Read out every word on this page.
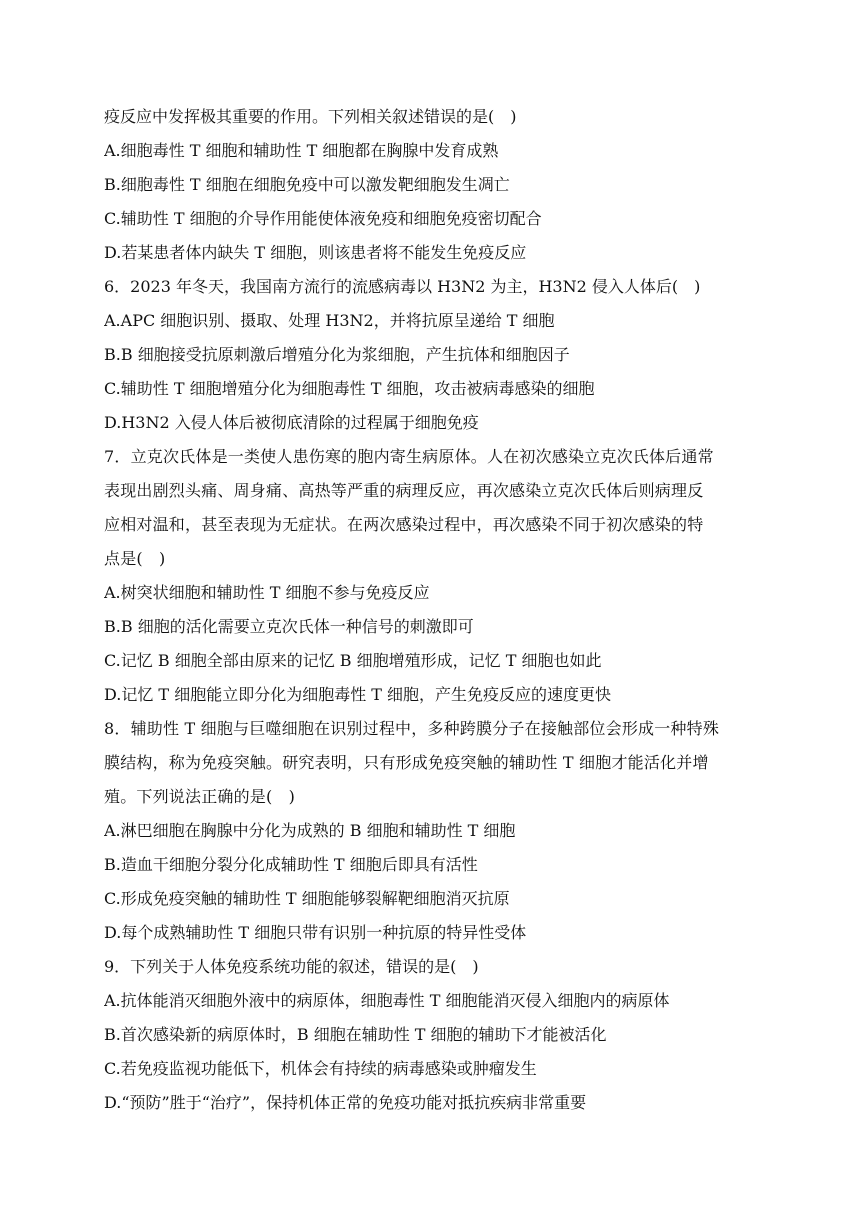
疫反应中发挥极其重要的作用。下列相关叙述错误的是(　)
A.细胞毒性 T 细胞和辅助性 T 细胞都在胸腺中发育成熟
B.细胞毒性 T 细胞在细胞免疫中可以激发靶细胞发生凋亡
C.辅助性 T 细胞的介导作用能使体液免疫和细胞免疫密切配合
D.若某患者体内缺失 T 细胞，则该患者将不能发生免疫反应
6．2023 年冬天，我国南方流行的流感病毒以 H3N2 为主，H3N2 侵入人体后(　)
A.APC 细胞识别、摄取、处理 H3N2，并将抗原呈递给 T 细胞
B.B 细胞接受抗原刺激后增殖分化为浆细胞，产生抗体和细胞因子
C.辅助性 T 细胞增殖分化为细胞毒性 T 细胞，攻击被病毒感染的细胞
D.H3N2 入侵人体后被彻底清除的过程属于细胞免疫
7．立克次氏体是一类使人患伤寒的胞内寄生病原体。人在初次感染立克次氏体后通常
表现出剧烈头痛、周身痛、高热等严重的病理反应，再次感染立克次氏体后则病理反
应相对温和，甚至表现为无症状。在两次感染过程中，再次感染不同于初次感染的特
点是(　)
A.树突状细胞和辅助性 T 细胞不参与免疫反应
B.B 细胞的活化需要立克次氏体一种信号的刺激即可
C.记忆 B 细胞全部由原来的记忆 B 细胞增殖形成，记忆 T 细胞也如此
D.记忆 T 细胞能立即分化为细胞毒性 T 细胞，产生免疫反应的速度更快
8．辅助性 T 细胞与巨噬细胞在识别过程中，多种跨膜分子在接触部位会形成一种特殊
膜结构，称为免疫突触。研究表明，只有形成免疫突触的辅助性 T 细胞才能活化并增
殖。下列说法正确的是(　)
A.淋巴细胞在胸腺中分化为成熟的 B 细胞和辅助性 T 细胞
B.造血干细胞分裂分化成辅助性 T 细胞后即具有活性
C.形成免疫突触的辅助性 T 细胞能够裂解靶细胞消灭抗原
D.每个成熟辅助性 T 细胞只带有识别一种抗原的特异性受体
9．下列关于人体免疫系统功能的叙述，错误的是(　)
A.抗体能消灭细胞外液中的病原体，细胞毒性 T 细胞能消灭侵入细胞内的病原体
B.首次感染新的病原体时，B 细胞在辅助性 T 细胞的辅助下才能被活化
C.若免疫监视功能低下，机体会有持续的病毒感染或肿瘤发生
D.“预防”胜于“治疗”，保持机体正常的免疫功能对抵抗疾病非常重要
